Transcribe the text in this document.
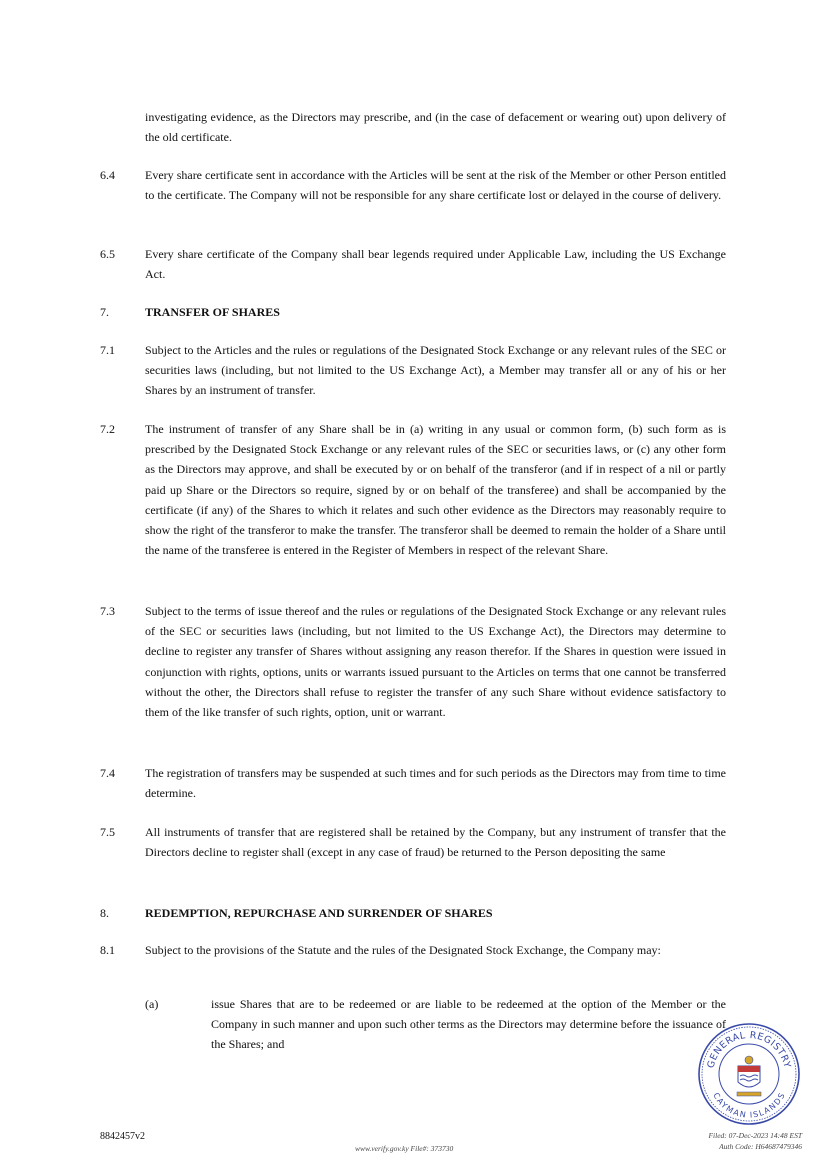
investigating evidence, as the Directors may prescribe, and (in the case of defacement or wearing out) upon delivery of the old certificate.

6.4	Every share certificate sent in accordance with the Articles will be sent at the risk of the Member or other Person entitled to the certificate. The Company will not be responsible for any share certificate lost or delayed in the course of delivery.

6.5	Every share certificate of the Company shall bear legends required under Applicable Law, including the US Exchange Act.

7.	TRANSFER OF SHARES

7.1	Subject to the Articles and the rules or regulations of the Designated Stock Exchange or any relevant rules of the SEC or securities laws (including, but not limited to the US Exchange Act), a Member may transfer all or any of his or her Shares by an instrument of transfer.

7.2	The instrument of transfer of any Share shall be in (a) writing in any usual or common form, (b) such form as is prescribed by the Designated Stock Exchange or any relevant rules of the SEC or securities laws, or (c) any other form as the Directors may approve, and shall be executed by or on behalf of the transferor (and if in respect of a nil or partly paid up Share or the Directors so require, signed by or on behalf of the transferee) and shall be accompanied by the certificate (if any) of the Shares to which it relates and such other evidence as the Directors may reasonably require to show the right of the transferor to make the transfer. The transferor shall be deemed to remain the holder of a Share until the name of the transferee is entered in the Register of Members in respect of the relevant Share.

7.3	Subject to the terms of issue thereof and the rules or regulations of the Designated Stock Exchange or any relevant rules of the SEC or securities laws (including, but not limited to the US Exchange Act), the Directors may determine to decline to register any transfer of Shares without assigning any reason therefor. If the Shares in question were issued in conjunction with rights, options, units or warrants issued pursuant to the Articles on terms that one cannot be transferred without the other, the Directors shall refuse to register the transfer of any such Share without evidence satisfactory to them of the like transfer of such rights, option, unit or warrant.

7.4	The registration of transfers may be suspended at such times and for such periods as the Directors may from time to time determine.

7.5	All instruments of transfer that are registered shall be retained by the Company, but any instrument of transfer that the Directors decline to register shall (except in any case of fraud) be returned to the Person depositing the same

8.	REDEMPTION, REPURCHASE AND SURRENDER OF SHARES

8.1	Subject to the provisions of the Statute and the rules of the Designated Stock Exchange, the Company may:

(a)	issue Shares that are to be redeemed or are liable to be redeemed at the option of the Member or the Company in such manner and upon such other terms as the Directors may determine before the issuance of the Shares; and

GENERAL REGISTRY
CAYMAN ISLANDS
8842457v2
www.verify.gov.ky File#: 373730
Filed: 07-Dec-2023 14:48 EST
Auth Code: H64687479346
